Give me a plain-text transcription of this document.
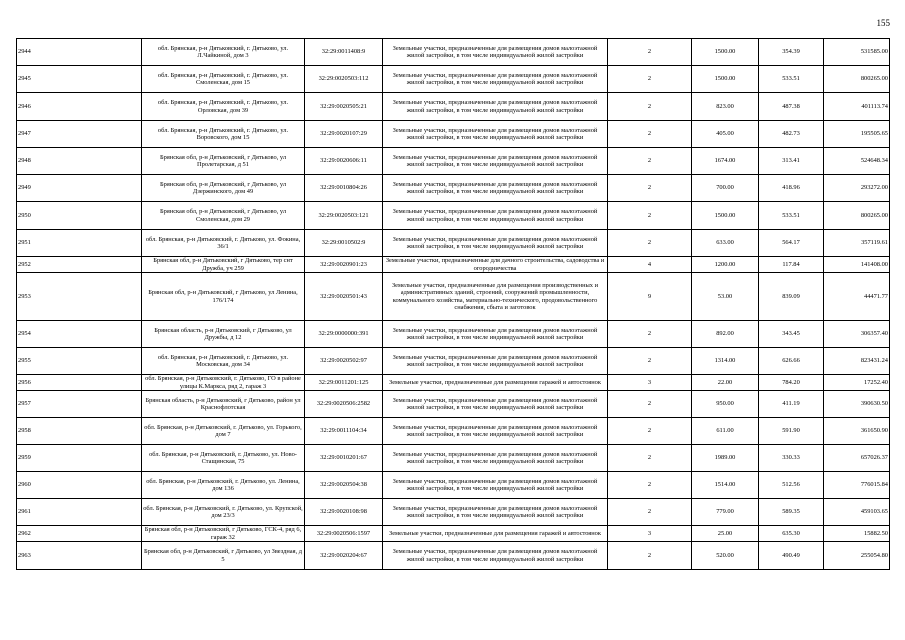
155
2944	обл. Брянская, р-н Дятьковский, г. Дятьково, ул. Л.Чайкиной, дом 3	32:29:0011408:9	Земельные участки, предназначенные для размещения домов малоэтажной жилой застройки, в том числе индивидуальной жилой застройки	2	1500.00	354.39	531585.00
2945	обл. Брянская, р-н Дятьковский, г. Дятьково, ул. Смоленская, дом 15	32:29:0020503:112	Земельные участки, предназначенные для размещения домов малоэтажной жилой застройки, в том числе индивидуальной жилой застройки	2	1500.00	533.51	800265.00
2946	обл. Брянская, р-н Дятьковский, г. Дятьково, ул. Орловская, дом 39	32:29:0020505:21	Земельные участки, предназначенные для размещения домов малоэтажной жилой застройки, в том числе индивидуальной жилой застройки	2	823.00	487.38	401113.74
2947	обл. Брянская, р-н Дятьковский, г. Дятьково, ул. Воровского, дом 15	32:29:0020107:29	Земельные участки, предназначенные для размещения домов малоэтажной жилой застройки, в том числе индивидуальной жилой застройки	2	405.00	482.73	195505.65
2948	Брянская обл, р-н Дятьковский, г Дятьково, ул Пролетарская, д 51	32:29:0020606:11	Земельные участки, предназначенные для размещения домов малоэтажной жилой застройки, в том числе индивидуальной жилой застройки	2	1674.00	313.41	524648.34
2949	Брянская обл, р-н Дятьковский, г Дятьково, ул Дзержинского, дом 49	32:29:0010804:26	Земельные участки, предназначенные для размещения домов малоэтажной жилой застройки, в том числе индивидуальной жилой застройки	2	700.00	418.96	293272.00
2950	Брянская обл, р-н Дятьковский, г Дятьково, ул Смоленская, дом 29	32:29:0020503:121	Земельные участки, предназначенные для размещения домов малоэтажной жилой застройки, в том числе индивидуальной жилой застройки	2	1500.00	533.51	800265.00
2951	обл. Брянская, р-н Дятьковский, г. Дятьково, ул. Фокина, 36/1	32:29:0010502:9	Земельные участки, предназначенные для размещения домов малоэтажной жилой застройки, в том числе индивидуальной жилой застройки	2	633.00	564.17	357119.61
2952	Брянская обл, р-н Дятьковский, г Дятьково, тер снт Дружба, уч 259	32:29:0020901:23	Земельные участки, предназначенные для дачного строительства, садоводства и огородничества	4	1200.00	117.84	141408.00
2953	Брянская обл, р-н Дятьковский, г Дятьково, ул Ленина, 176/174	32:29:0020501:43	Земельные участки, предназначенные для размещения производственных и административных зданий, строений, сооружений промышленности, коммунального хозяйства, материально-технического, продовольственного снабжения, сбыта и заготовок	9	53.00	839.09	44471.77
2954	Брянская область, р-н Дятьковский, г Дятьково, ул Дружбы, д 12	32:29:0000000:391	Земельные участки, предназначенные для размещения домов малоэтажной жилой застройки, в том числе индивидуальной жилой застройки	2	892.00	343.45	306357.40
2955	обл. Брянская, р-н Дятьковский, г. Дятьково, ул. Московская, дом 34	32:29:0020502:97	Земельные участки, предназначенные для размещения домов малоэтажной жилой застройки, в том числе индивидуальной жилой застройки	2	1314.00	626.66	823431.24
2956	обл. Брянская, р-н Дятьковский, г. Дятьково, ГО в районе улицы К.Маркса, ряд 2, гараж 3	32:29:0011201:125	Земельные участки, предназначенные для размещения гаражей и автостоянок	3	22.00	784.20	17252.40
2957	Брянская область, р-н Дятьковский, г Дятьково, район ул Краснофлотская	32:29:0020506:2582	Земельные участки, предназначенные для размещения домов малоэтажной жилой застройки, в том числе индивидуальной жилой застройки	2	950.00	411.19	390630.50
2958	обл. Брянская, р-н Дятьковский, г. Дятьково, ул. Горького, дом 7	32:29:0011104:34	Земельные участки, предназначенные для размещения домов малоэтажной жилой застройки, в том числе индивидуальной жилой застройки	2	611.00	591.90	361650.90
2959	обл. Брянская, р-н Дятьковский, г. Дятьково, ул. Ново-Стащинская, 75	32:29:0010201:67	Земельные участки, предназначенные для размещения домов малоэтажной жилой застройки, в том числе индивидуальной жилой застройки	2	1989.00	330.33	657026.37
2960	обл. Брянская, р-н Дятьковский, г. Дятьково, ул. Ленина, дом 136	32:29:0020504:38	Земельные участки, предназначенные для размещения домов малоэтажной жилой застройки, в том числе индивидуальной жилой застройки	2	1514.00	512.56	776015.84
2961	обл. Брянская, р-н Дятьковский, г. Дятьково, ул. Крупской, дом 23/3	32:29:0020108:98	Земельные участки, предназначенные для размещения домов малоэтажной жилой застройки, в том числе индивидуальной жилой застройки	2	779.00	589.35	459103.65
2962	Брянская обл, р-н Дятьковский, г Дятьково, ГСК-4, ряд 6, гараж 32	32:29:0020506:1597	Земельные участки, предназначенные для размещения гаражей и автостоянок	3	25.00	635.30	15882.50
2963	Брянская обл, р-н Дятьковский, г Дятьково, ул Звездная, д 5	32:29:0020204:67	Земельные участки, предназначенные для размещения домов малоэтажной жилой застройки, в том числе индивидуальной жилой застройки	2	520.00	490.49	255054.80
